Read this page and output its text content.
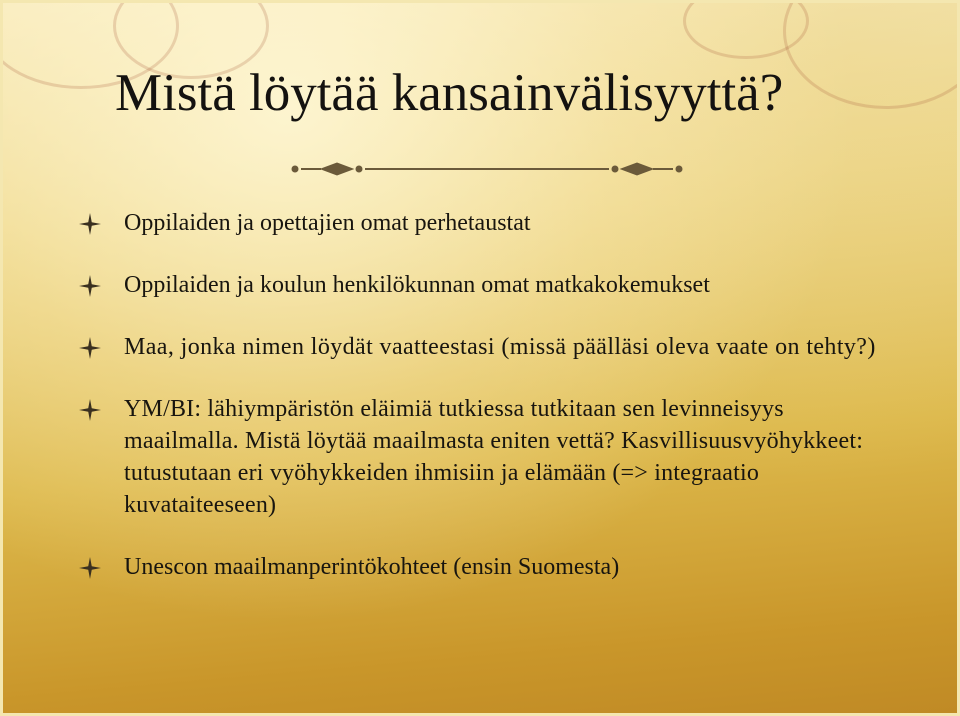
Mistä löytää kansainvälisyyttä?
Oppilaiden ja opettajien omat perhetaustat
Oppilaiden ja koulun henkilökunnan omat matkakokemukset
Maa, jonka nimen löydät vaatteestasi (missä päälläsi oleva vaate on tehty?)
YM/BI: lähiympäristön eläimiä tutkiessa tutkitaan sen levinneisyys maailmalla. Mistä löytää maailmasta eniten vettä? Kasvillisuusvyöhykkeet: tutustutaan eri vyöhykkeiden ihmisiin ja elämään (=> integraatio kuvataiteeseen)
Unescon maailmanperintökohteet (ensin Suomesta)
